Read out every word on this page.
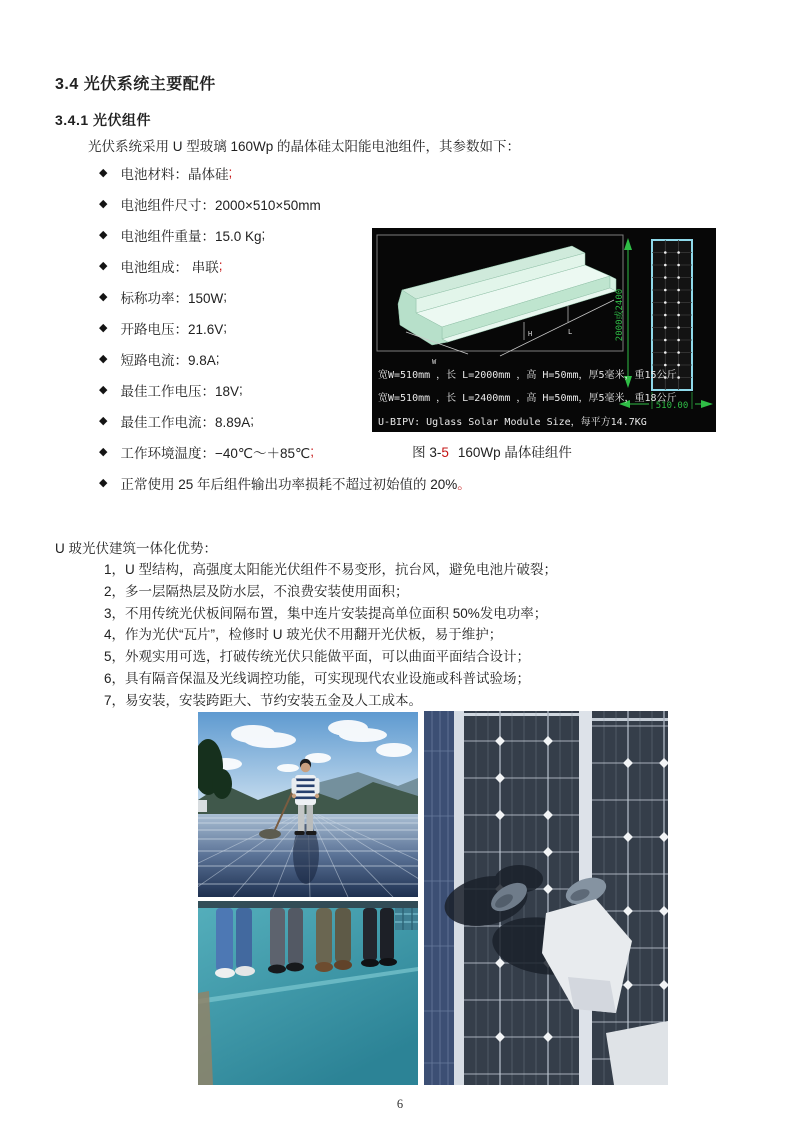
3.4 光伏系统主要配件
3.4.1 光伏组件
光伏系统采用 U 型玻璃 160Wp 的晶体硅太阳能电池组件，其参数如下：
◆ 电池材料：晶体硅 ;
◆ 电池组件尺寸：2000×510×50mm
◆ 电池组件重量：15.0 Kg ;
◆ 电池组成： 串联 ;
◆ 标称功率：150W ;
◆ 开路电压：21.6V ;
◆ 短路电流：9.8A ;
◆ 最佳工作电压：18V ;
◆ 最佳工作电流：8.89A ;
◆ 工作环境温度：−40℃～＋85℃ ;
◆ 正常使用 25 年后组件输出功率损耗不超过初始值的 20% 。
W
L
H	2000或2400
510.00
宽W=510mm ，长 L=2000mm ，高 H=50mm，厚5毫米，重15公斤
宽W=510mm ，长 L=2400mm ，高 H=50mm，厚5毫米，重18公斤
U-BIPV: Uglass Solar Module Size，每平方14.7KG
图 3-5 160Wp 晶体硅组件
U 玻光伏建筑一体化优势：
1，U 型结构，高强度太阳能光伏组件不易变形，抗台风，避免电池片破裂；
2，多一层隔热层及防水层，不浪费安装使用面积；
3，不用传统光伏板间隔布置，集中连片安装提高单位面积 50%发电功率；
4，作为光伏“瓦片”，检修时 U 玻光伏不用翻开光伏板，易于维护；
5，外观实用可选，打破传统光伏只能做平面，可以曲面平面结合设计；
6，具有隔音保温及光线调控功能，可实现现代农业设施或科普试验场；
7，易安装，安装跨距大、节约安装五金及人工成本。
6
